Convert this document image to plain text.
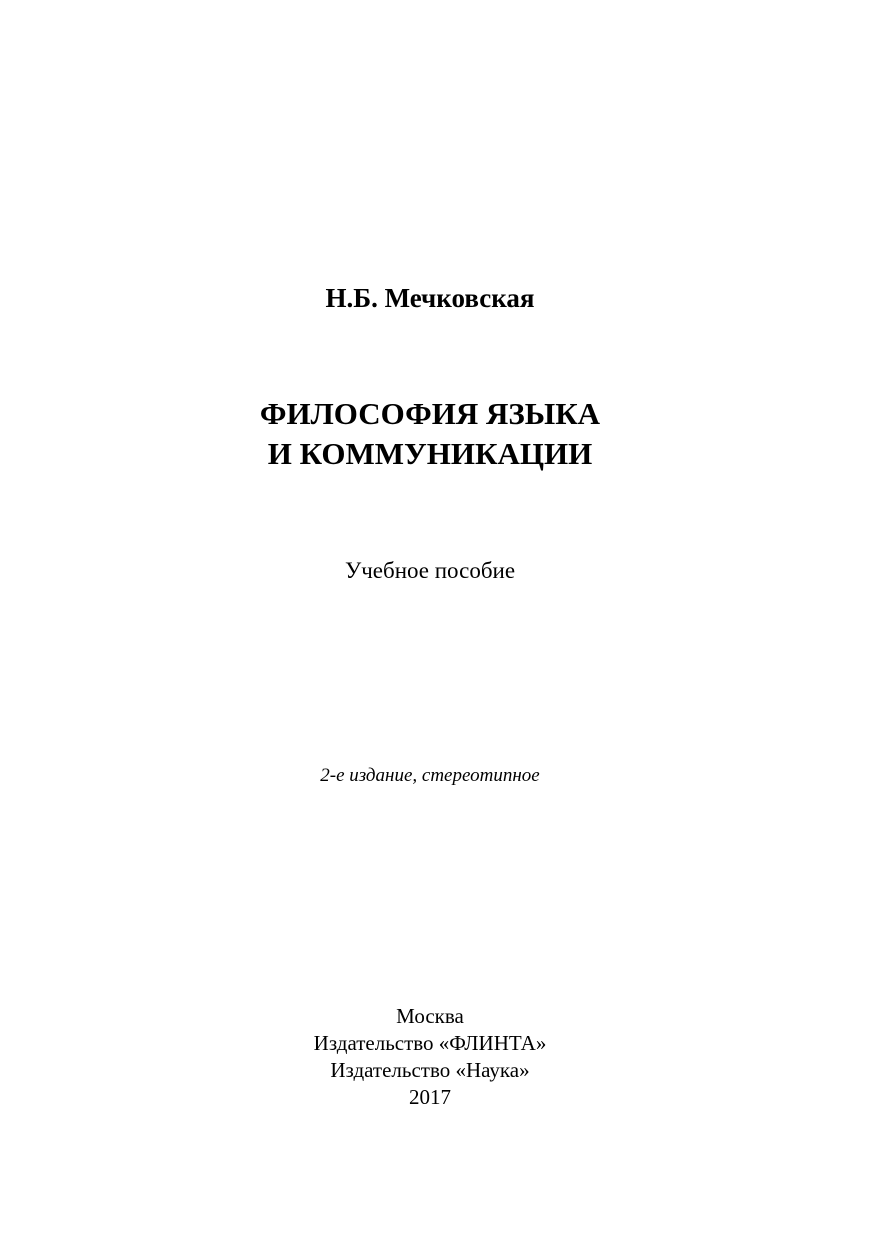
Н.Б. Мечковская
ФИЛОСОФИЯ ЯЗЫКА
И КОММУНИКАЦИИ
Учебное пособие
2-е издание, стереотипное
Москва
Издательство «ФЛИНТА»
Издательство «Наука»
2017
